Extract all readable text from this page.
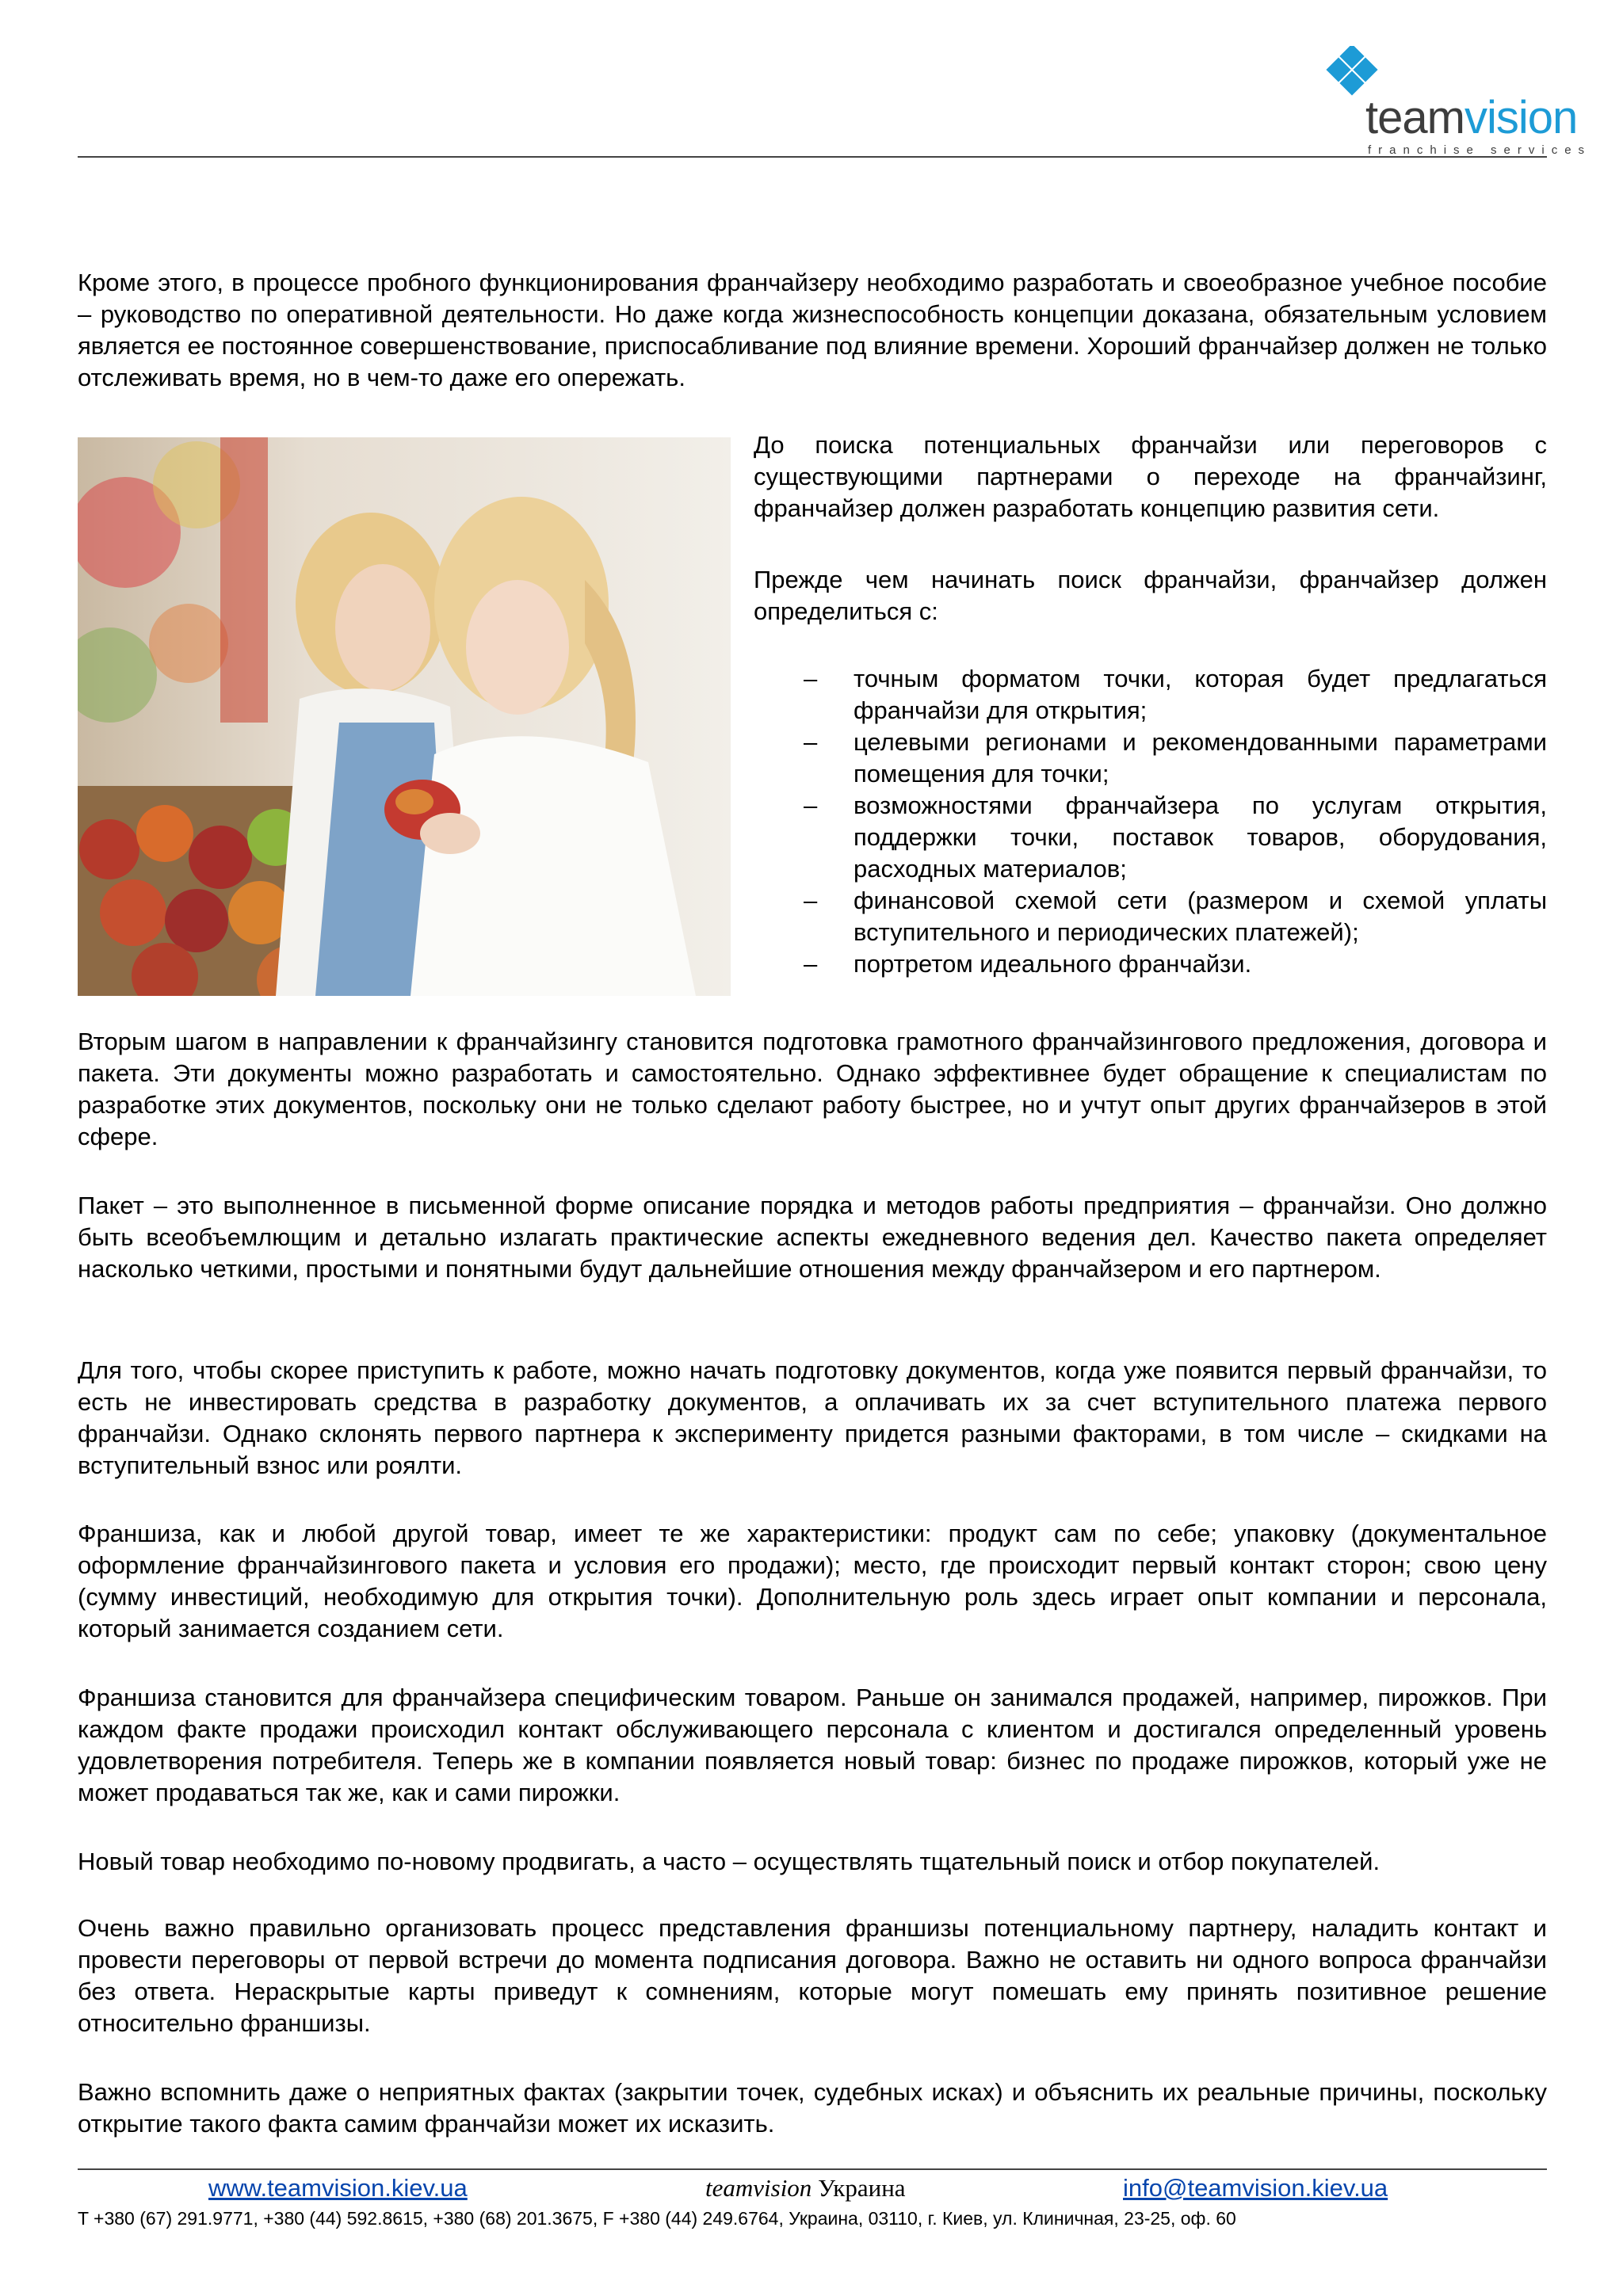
teamvision
franchise services

Кроме этого, в процессе пробного функционирования франчайзеру необходимо разработать и своеобразное учебное пособие – руководство по оперативной деятельности. Но даже когда жизнеспособность концепции доказана, обязательным условием является ее постоянное совершенствование, приспосабливание под влияние времени. Хороший франчайзер должен не только отслеживать время, но в чем-то даже его опережать.

До поиска потенциальных франчайзи или переговоров с существующими партнерами о переходе на франчайзинг, франчайзер должен разработать концепцию развития сети.

Прежде чем начинать поиск франчайзи, франчайзер должен определиться с:

– точным форматом точки, которая будет предлагаться франчайзи для открытия;
– целевыми регионами и рекомендованными параметрами помещения для точки;
– возможностями франчайзера по услугам открытия, поддержки точки, поставок товаров, оборудования, расходных материалов;
– финансовой схемой сети (размером и схемой уплаты вступительного и периодических платежей);
– портретом идеального франчайзи.

Вторым шагом в направлении к франчайзингу становится подготовка грамотного франчайзингового предложения, договора и пакета. Эти документы можно разработать и самостоятельно. Однако эффективнее будет обращение к специалистам по разработке этих документов, поскольку они не только сделают работу быстрее, но и учтут опыт других франчайзеров в этой сфере.

Пакет – это выполненное в письменной форме описание порядка и методов работы предприятия – франчайзи. Оно должно быть всеобъемлющим и детально излагать практические аспекты ежедневного ведения дел. Качество пакета определяет насколько четкими, простыми и понятными будут дальнейшие отношения между франчайзером и его партнером.

Для того, чтобы скорее приступить к работе, можно начать подготовку документов, когда уже появится первый франчайзи, то есть не инвестировать средства в разработку документов, а оплачивать их за счет вступительного платежа первого франчайзи. Однако склонять первого партнера к эксперименту придется разными факторами, в том числе – скидками на вступительный взнос или роялти.

Франшиза, как и любой другой товар, имеет те же характеристики: продукт сам по себе; упаковку (документальное оформление франчайзингового пакета и условия его продажи); место, где происходит первый контакт сторон; свою цену (сумму инвестиций, необходимую для открытия точки). Дополнительную роль здесь играет опыт компании и персонала, который занимается созданием сети.

Франшиза становится для франчайзера специфическим товаром. Раньше он занимался продажей, например, пирожков. При каждом факте продажи происходил контакт обслуживающего персонала с клиентом и достигался определенный уровень удовлетворения потребителя. Теперь же в компании появляется новый товар: бизнес по продаже пирожков, который уже не может продаваться так же, как и сами пирожки.

Новый товар необходимо по-новому продвигать, а часто – осуществлять тщательный поиск и отбор покупателей.

Очень важно правильно организовать процесс представления франшизы потенциальному партнеру, наладить контакт и провести переговоры от первой встречи до момента подписания договора. Важно не оставить ни одного вопроса франчайзи без ответа. Нераскрытые карты приведут к сомнениям, которые могут помешать ему принять позитивное решение относительно франшизы.

Важно вспомнить даже о неприятных фактах (закрытии точек, судебных исках) и объяснить их реальные причины, поскольку открытие такого факта самим франчайзи может их исказить.

www.teamvision.kiev.ua	teamvision Украина	info@teamvision.kiev.ua
T +380 (67) 291.9771, +380 (44) 592.8615, +380 (68) 201.3675, F +380 (44) 249.6764, Украина, 03110, г. Киев, ул. Клиничная, 23-25, оф. 60
